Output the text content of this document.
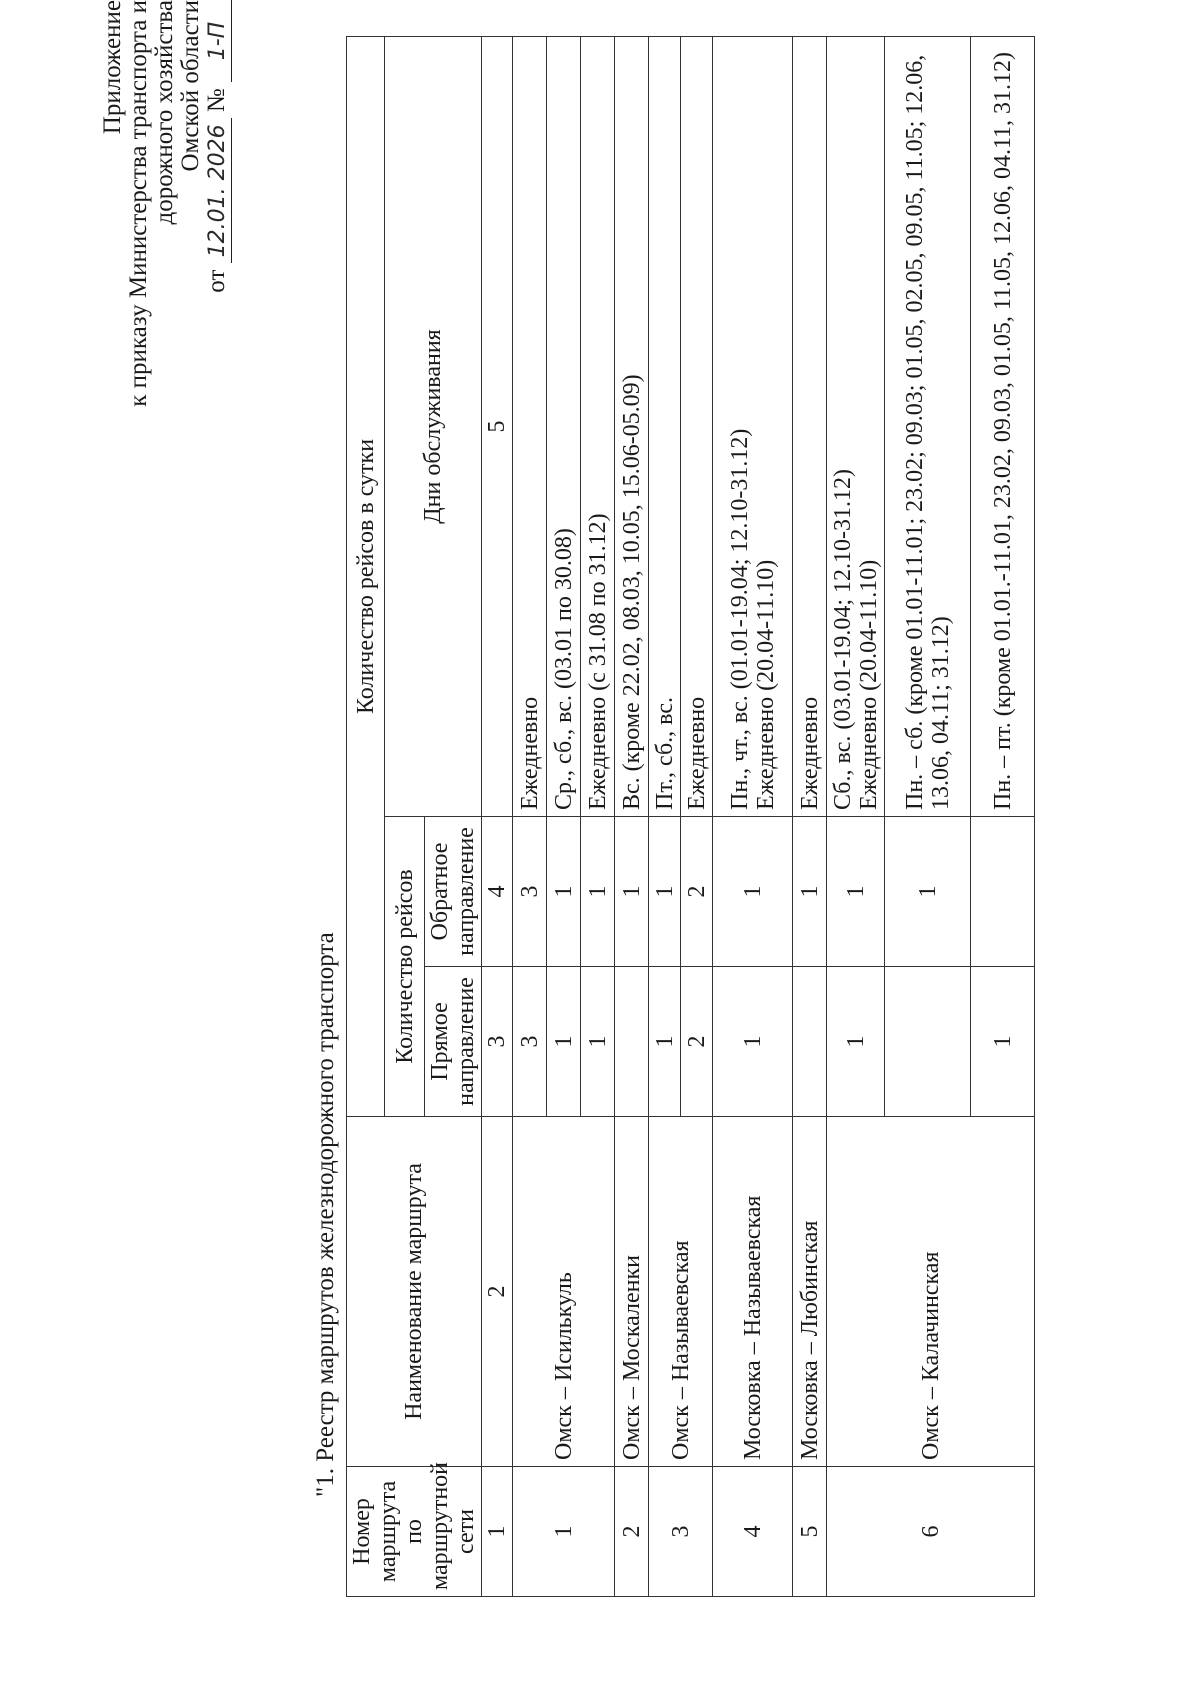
Приложение к приказу Министерства транспорта и дорожного хозяйства Омской области
от 12.01. 2026 № 1-П
"1. Реестр маршрутов железнодорожного транспорта
Номер маршрута по маршрутной сети	Наименование маршрута	Количество рейсов в сутки		
		Количество рейсов		Дни обслуживания
		Прямое направление	Обратное направление	
1	2	3	4	5
1	Омск – Исилькуль	3	3	Ежедневно
		1	1	Ср., сб., вс. (03.01 по 30.08)
		1	1	Ежедневно (с 31.08 по 31.12)
2	Омск – Москаленки		1	Вс. (кроме 22.02, 08.03, 10.05, 15.06-05.09)
3	Омск – Называевская	1	1	Пт., сб., вс.
		2	2	Ежедневно
4	Московка – Называевская	1	1	Пн., чт., вс. (01.01-19.04; 12.10-31.12) Ежедневно (20.04-11.10)

5	Московка – Любинская		1	Ежедневно
6	Омск – Калачинская	1	1	Сб., вс. (03.01-19.04; 12.10-31.12) Ежедневно (20.04-11.10)

			1	Пн. – сб. (кроме 01.01-11.01; 23.02; 09.03; 01.05, 02.05, 09.05, 11.05; 12.06, 13.06, 04.11; 31.12)
		1		Пн. – пт. (кроме 01.01.-11.01, 23.02, 09.03, 01.05, 11.05, 12.06, 04.11, 31.12)
